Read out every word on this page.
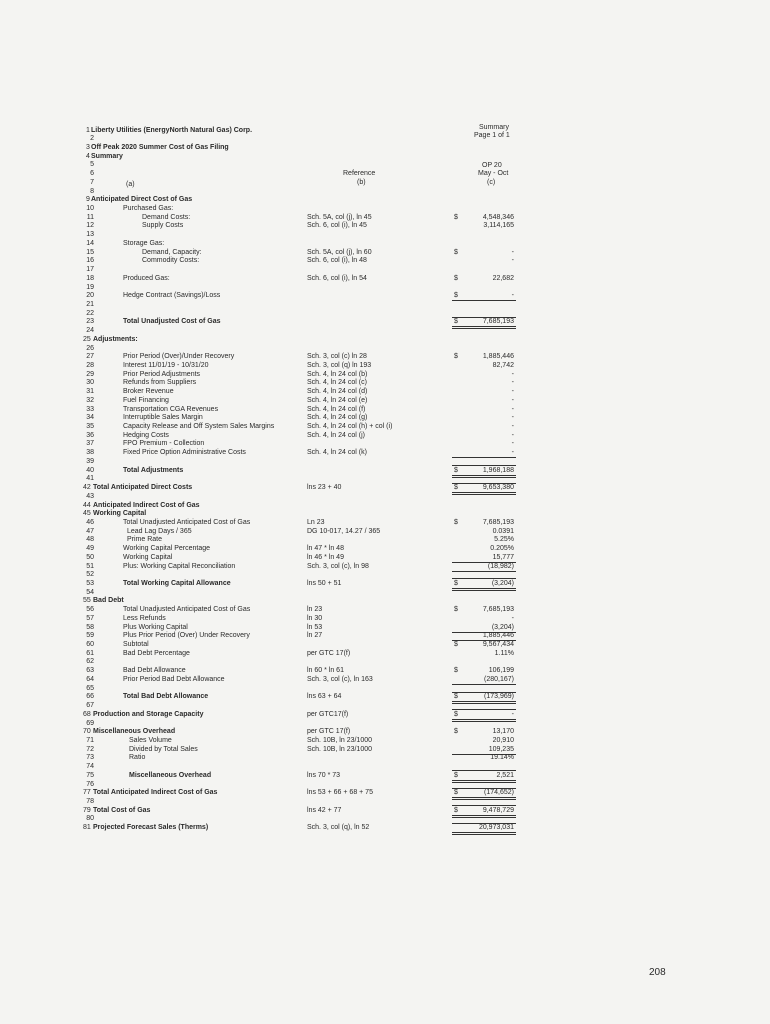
Summary
Page 1 of 1
OP 20
May - Oct
Reference
(a)	(b)	(c)
1 Liberty Utilities (EnergyNorth Natural Gas) Corp.
2
3 Off Peak 2020 Summer Cost of Gas Filing
4 Summary
5
6
7
8
9 Anticipated Direct Cost of Gas
10	Purchased Gas:
11	Demand Costs:	Sch. 5A, col (j), ln 45	$	4,548,346
12	Supply Costs	Sch. 6, col (i), ln 45	3,114,165
13
14	Storage Gas:
15	Demand, Capacity:	Sch. 5A, col (j), ln 60	$	-
16	Commodity Costs:	Sch. 6, col (i), ln 48	-
17
18	Produced Gas:	Sch. 6, col (i), ln 54	$	22,682
19
20	Hedge Contract (Savings)/Loss	$	-
21
22
23	Total Unadjusted Cost of Gas	$	7,685,193
24
25 Adjustments:
26
27	Prior Period (Over)/Under Recovery	Sch. 3, col (c) ln 28	$	1,885,446
28	Interest 11/01/19 - 10/31/20	Sch. 3, col (q) ln 193	82,742
29	Prior Period Adjustments	Sch. 4, ln 24 col (b)	-
30	Refunds from Suppliers	Sch. 4, ln 24 col (c)	-
31	Broker Revenue	Sch. 4, ln 24 col (d)	-
32	Fuel Financing	Sch. 4, ln 24 col (e)	-
33	Transportation CGA Revenues	Sch. 4, ln 24 col (f)	-
34	Interruptible Sales Margin	Sch. 4, ln 24 col (g)	-
35	Capacity Release and Off System Sales Margins	Sch. 4, ln 24 col (h) + col (i)	-
36	Hedging Costs	Sch. 4, ln 24 col (j)	-
37	FPO Premium - Collection	-
38	Fixed Price Option Administrative Costs	Sch. 4, ln 24 col (k)	-
39
40	Total Adjustments	$	1,968,188
41
42 Total Anticipated Direct Costs	lns 23 + 40	$	9,653,380
43
44 Anticipated Indirect Cost of Gas
45 Working Capital
46	Total Unadjusted Anticipated Cost of Gas	Ln 23	$	7,685,193
47	Lead Lag Days / 365	DG 10-017, 14.27 / 365	0.0391
48	Prime Rate	5.25%
49	Working Capital Percentage	ln 47 * ln 48	0.205%
50	Working Capital	ln 46 * ln 49	15,777
51	Plus: Working Capital Reconciliation	Sch. 3, col (c), ln 98	(18,982)
52
53	Total Working Capital Allowance	lns 50 + 51	$	(3,204)
54
55 Bad Debt
56	Total Unadjusted Anticipated Cost of Gas	ln 23	$	7,685,193
57	Less Refunds	ln 30	-
58	Plus Working Capital	ln 53	(3,204)
59	Plus Prior Period (Over) Under Recovery	ln 27	1,885,446
60	Subtotal	$	9,567,434
61	Bad Debt Percentage	per GTC 17(f)	1.11%
62
63	Bad Debt Allowance	ln 60 * ln 61	$	106,199
64	Prior Period Bad Debt Allowance	Sch. 3, col (c), ln 163	(280,167)
65
66	Total Bad Debt Allowance	lns 63 + 64	$	(173,969)
67
68 Production and Storage Capacity	per GTC17(f)	$	-
69
70 Miscellaneous Overhead	per GTC 17(f)	$	13,170
71	Sales Volume	Sch. 10B, ln 23/1000	20,910
72	Divided by Total Sales	Sch. 10B, ln 23/1000	109,235
73	Ratio	19.14%
74
75	Miscellaneous Overhead	lns 70 * 73	$	2,521
76
77 Total Anticipated Indirect Cost of Gas	lns 53 + 66 + 68 + 75	$	(174,652)
78
79 Total Cost of Gas	lns 42 + 77	$	9,478,729
80
81 Projected Forecast Sales (Therms)	Sch. 3, col (q), ln 52	20,973,031
208
